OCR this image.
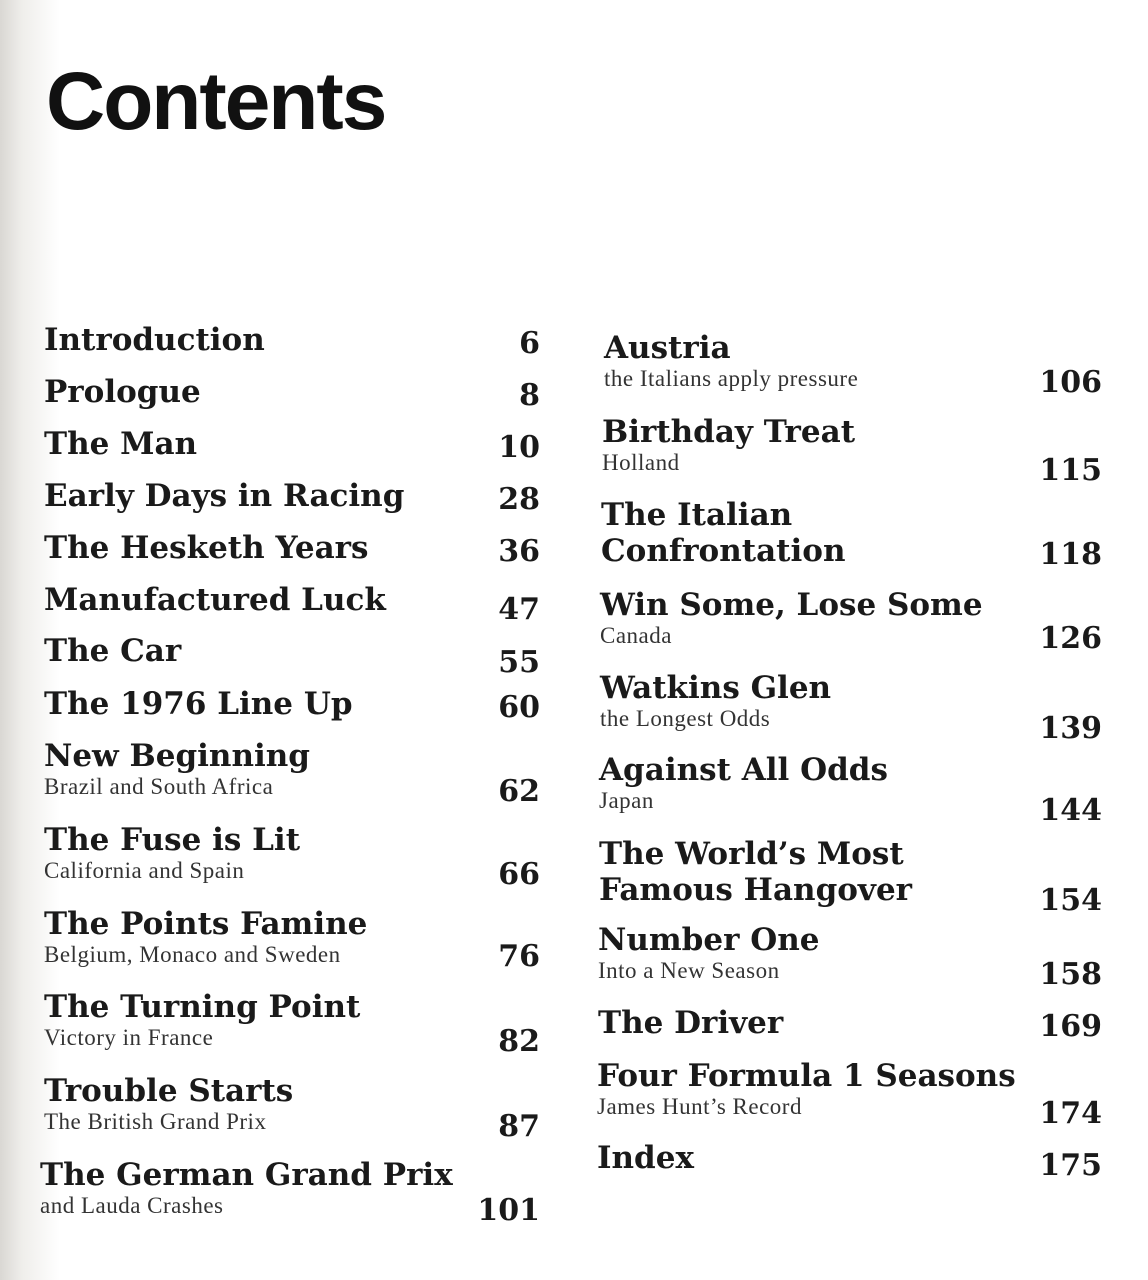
Contents
Introduction	6
Prologue	8
The Man	10
Early Days in Racing	28
The Hesketh Years	36
Manufactured Luck	47
The Car	55
The 1976 Line Up	60
New Beginning
Brazil and South Africa	62
The Fuse is Lit
California and Spain	66
The Points Famine
Belgium, Monaco and Sweden	76
The Turning Point
Victory in France	82
Trouble Starts
The British Grand Prix	87
The German Grand Prix
and Lauda Crashes	101
Austria
the Italians apply pressure	106
Birthday Treat
Holland	115
The Italian
Confrontation	118
Win Some, Lose Some
Canada	126
Watkins Glen
the Longest Odds	139
Against All Odds
Japan	144
The World’s Most
Famous Hangover	154
Number One
Into a New Season	158
The Driver	169
Four Formula 1 Seasons
James Hunt’s Record	174
Index	175
